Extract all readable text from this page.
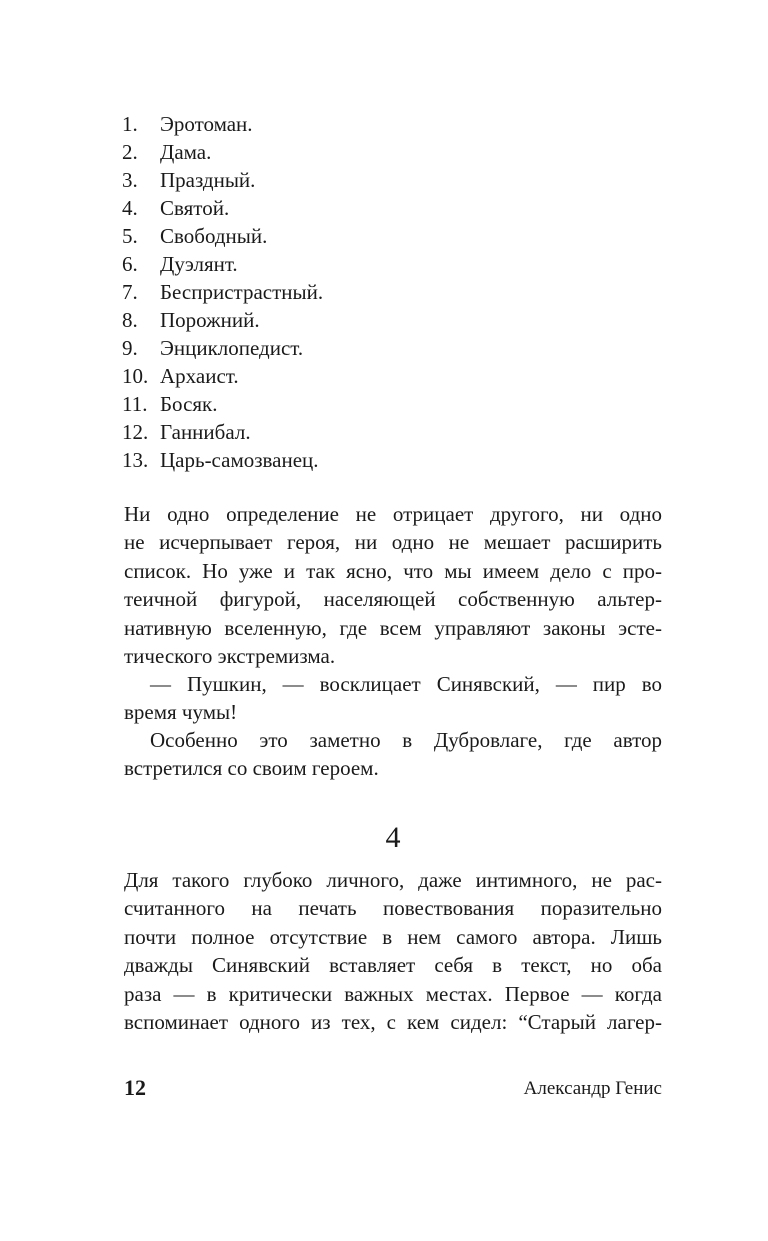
1.	Эротоман.
2.	Дама.
3.	Праздный.
4.	Святой.
5.	Свободный.
6.	Дуэлянт.
7.	Беспристрастный.
8.	Порожний.
9.	Энциклопедист.
10. Архаист.
11. Босяк.
12. Ганнибал.
13. Царь-самозванец.

Ни одно определение не отрицает другого, ни одно
не исчерпывает героя, ни одно не мешает расширить
список. Но уже и так ясно, что мы имеем дело с про-
теичной фигурой, населяющей собственную альтер-
нативную вселенную, где всем управляют законы эсте-
тического экстремизма.

— Пушкин, — восклицает Синявский, — пир во
время чумы!

Особенно это заметно в Дубровлаге, где автор
встретился со своим героем.

4

Для такого глубоко личного, даже интимного, не рас-
считанного на печать повествования поразительно
почти полное отсутствие в нем самого автора. Лишь
дважды Синявский вставляет себя в текст, но оба
раза — в критически важных местах. Первое — когда
вспоминает одного из тех, с кем сидел: “Старый лагер-

12	Александр Генис
